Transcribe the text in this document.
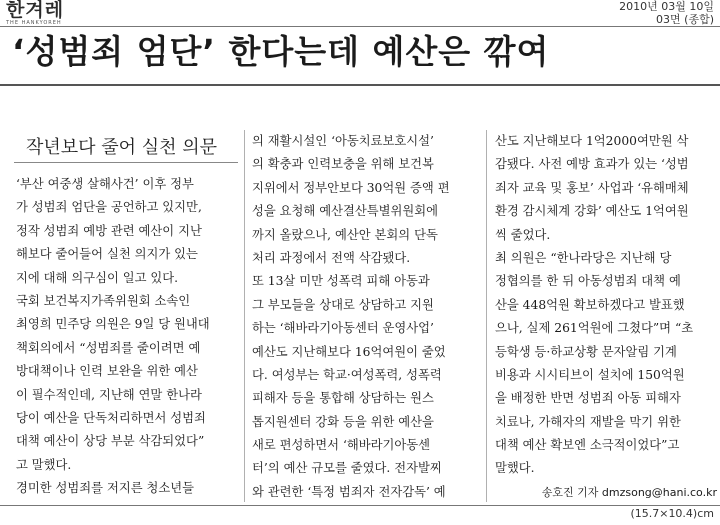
한겨레
THE HANKYOREH
2010년 03월 10일
03면 (종합)
‘성범죄 엄단’ 한다는데 예산은 깎여
작년보다 줄어 실천 의문
‘부산 여중생 살해사건’ 이후 정부
가 성범죄 엄단을 공언하고 있지만,
정작 성범죄 예방 관련 예산이 지난
해보다 줄어들어 실천 의지가 있는
지에 대해 의구심이 일고 있다.
국회 보건복지가족위원회 소속인
최영희 민주당 의원은 9일 당 원내대
책회의에서 “성범죄를 줄이려면 예
방대책이나 인력 보완을 위한 예산
이 필수적인데, 지난해 연말 한나라
당이 예산을 단독처리하면서 성범죄
대책 예산이 상당 부분 삭감되었다”
고 말했다.
경미한 성범죄를 저지른 청소년들
의 재활시설인 ‘아동치료보호시설’
의 확충과 인력보충을 위해 보건복
지위에서 정부안보다 30억원 증액 편
성을 요청해 예산결산특별위원회에
까지 올랐으나, 예산안 본회의 단독
처리 과정에서 전액 삭감됐다.
또 13살 미만 성폭력 피해 아동과
그 부모들을 상대로 상담하고 지원
하는 ‘해바라기아동센터 운영사업’
예산도 지난해보다 16억여원이 줄었
다. 여성부는 학교·여성폭력, 성폭력
피해자 등을 통합해 상담하는 원스
톱지원센터 강화 등을 위한 예산을
새로 편성하면서 ‘해바라기아동센
터’의 예산 규모를 줄였다. 전자발찌
와 관련한 ‘특정 범죄자 전자감독’ 예
산도 지난해보다 1억2000여만원 삭
감됐다. 사전 예방 효과가 있는 ‘성범
죄자 교육 및 홍보’ 사업과 ‘유해매체
환경 감시체계 강화’ 예산도 1억여원
씩 줄었다.
최 의원은 “한나라당은 지난해 당
정협의를 한 뒤 아동성범죄 대책 예
산을 448억원 확보하겠다고 발표했
으나, 실제 261억원에 그쳤다”며 “초
등학생 등·하교상황 문자알림 기계
비용과 시시티브이 설치에 150억원
을 배정한 반면 성범죄 아동 피해자
치료나, 가해자의 재발을 막기 위한
대책 예산 확보엔 소극적이었다”고
말했다.
송호진 기자 dmzsong@hani.co.kr
(15.7×10.4)cm
